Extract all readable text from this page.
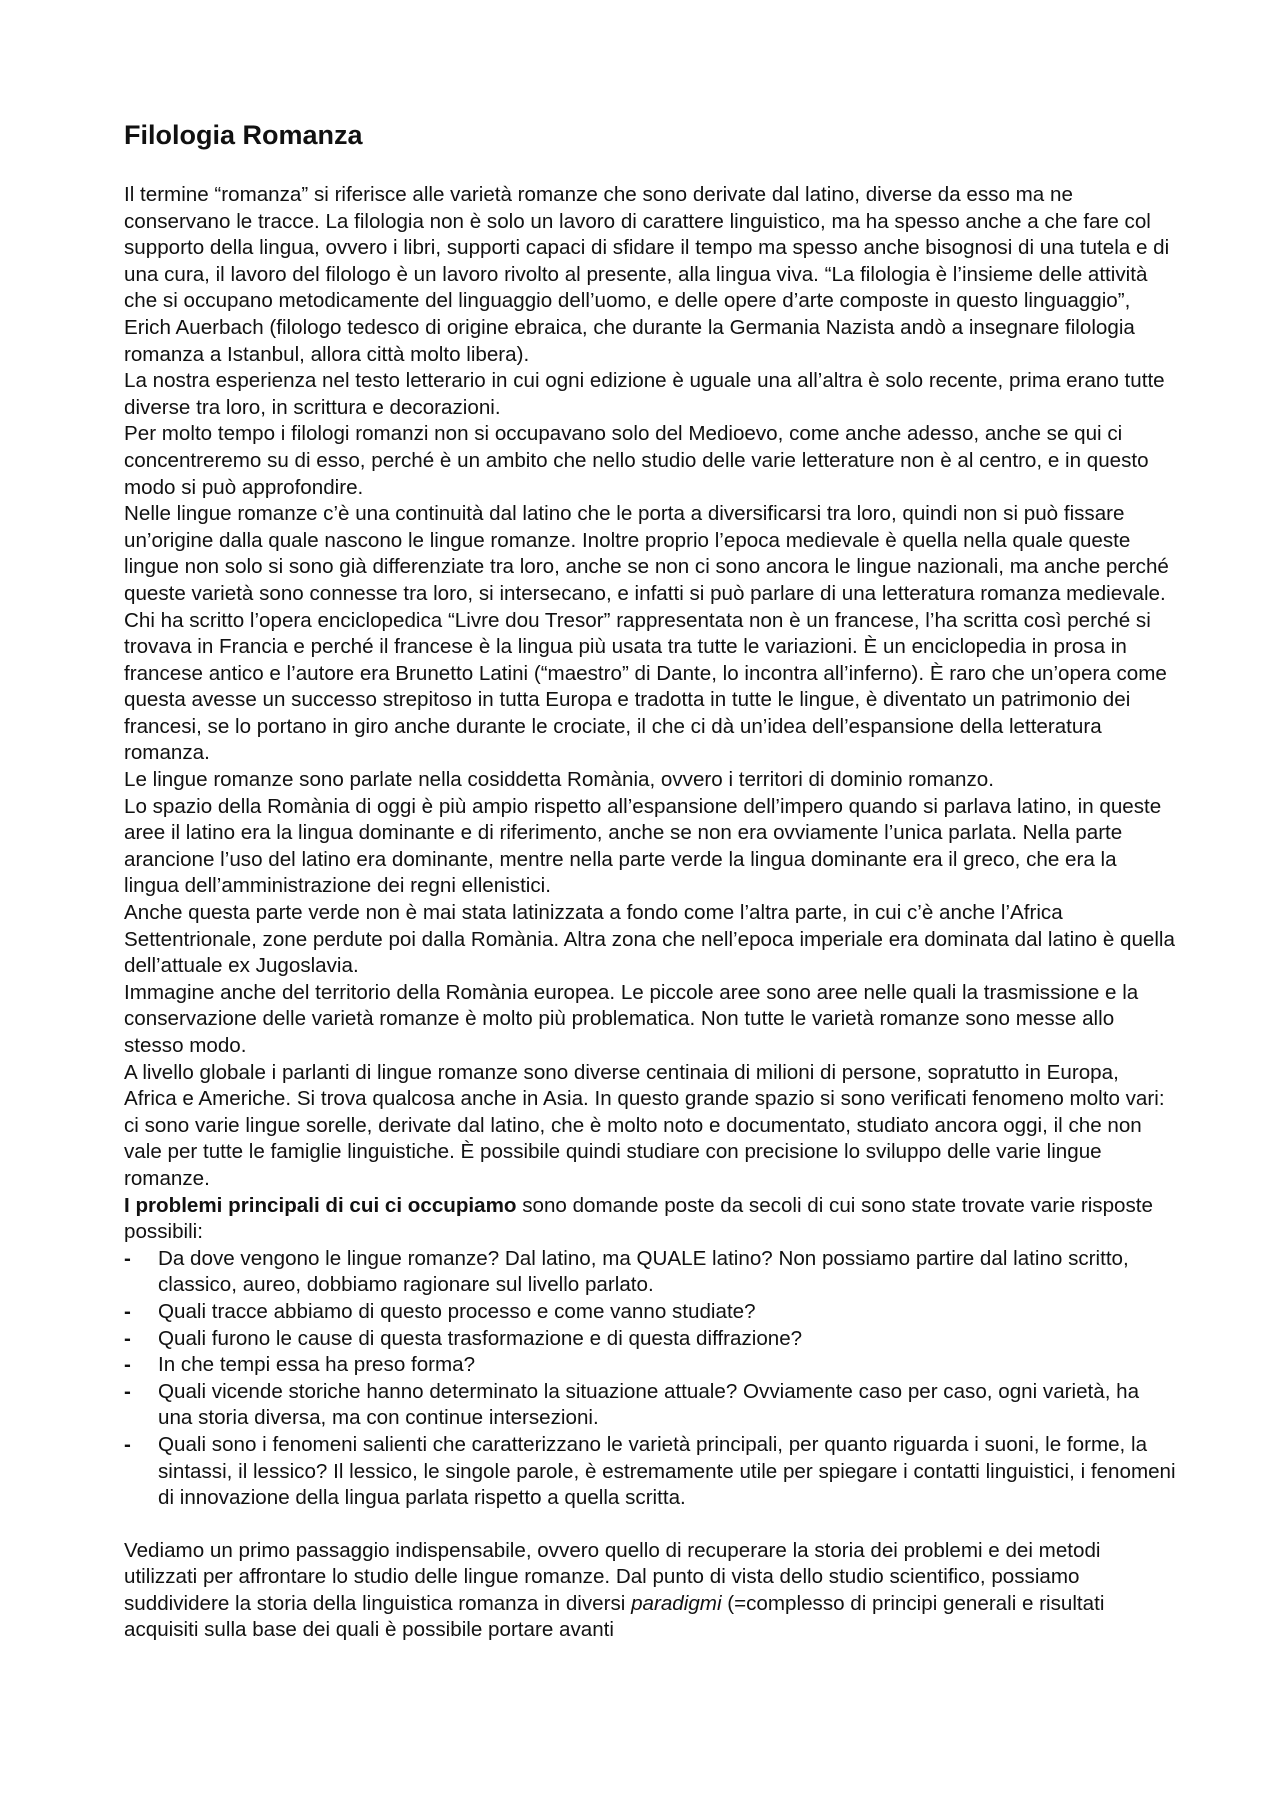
Filologia Romanza

Il termine “romanza” si riferisce alle varietà romanze che sono derivate dal latino, diverse da esso ma ne conservano le tracce. La filologia non è solo un lavoro di carattere linguistico, ma ha spesso anche a che fare col supporto della lingua, ovvero i libri, supporti capaci di sfidare il tempo ma spesso anche bisognosi di una tutela e di una cura, il lavoro del filologo è un lavoro rivolto al presente, alla lingua viva. “La filologia è l’insieme delle attività che si occupano metodicamente del linguaggio dell’uomo, e delle opere d’arte composte in questo linguaggio”, Erich Auerbach (filologo tedesco di origine ebraica, che durante la Germania Nazista andò a insegnare filologia romanza a Istanbul, allora città molto libera).

La nostra esperienza nel testo letterario in cui ogni edizione è uguale una all’altra è solo recente, prima erano tutte diverse tra loro, in scrittura e decorazioni.

Per molto tempo i filologi romanzi non si occupavano solo del Medioevo, come anche adesso, anche se qui ci concentreremo su di esso, perché è un ambito che nello studio delle varie letterature non è al centro, e in questo modo si può approfondire.

Nelle lingue romanze c’è una continuità dal latino che le porta a diversificarsi tra loro, quindi non si può fissare un’origine dalla quale nascono le lingue romanze. Inoltre proprio l’epoca medievale è quella nella quale queste lingue non solo si sono già differenziate tra loro, anche se non ci sono ancora le lingue nazionali, ma anche perché queste varietà sono connesse tra loro, si intersecano, e infatti si può parlare di una letteratura romanza medievale.

Chi ha scritto l’opera enciclopedica “Livre dou Tresor” rappresentata non è un francese, l’ha scritta così perché si trovava in Francia e perché il francese è la lingua più usata tra tutte le variazioni. È un enciclopedia in prosa in francese antico e l’autore era Brunetto Latini (“maestro” di Dante, lo incontra all’inferno). È raro che un’opera come questa avesse un successo strepitoso in tutta Europa e tradotta in tutte le lingue, è diventato un patrimonio dei francesi, se lo portano in giro anche durante le crociate, il che ci dà un’idea dell’espansione della letteratura romanza.

Le lingue romanze sono parlate nella cosiddetta Romània, ovvero i territori di dominio romanzo.

Lo spazio della Romània di oggi è più ampio rispetto all’espansione dell’impero quando si parlava latino, in queste aree il latino era la lingua dominante e di riferimento, anche se non era ovviamente l’unica parlata. Nella parte arancione l’uso del latino era dominante, mentre nella parte verde la lingua dominante era il greco, che era la lingua dell’amministrazione dei regni ellenistici.

Anche questa parte verde non è mai stata latinizzata a fondo come l’altra parte, in cui c’è anche l’Africa Settentrionale, zone perdute poi dalla Romània. Altra zona che nell’epoca imperiale era dominata dal latino è quella dell’attuale ex Jugoslavia.

Immagine anche del territorio della Romània europea. Le piccole aree sono aree nelle quali la trasmissione e la conservazione delle varietà romanze è molto più problematica. Non tutte le varietà romanze sono messe allo stesso modo.

A livello globale i parlanti di lingue romanze sono diverse centinaia di milioni di persone, sopratutto in Europa, Africa e Americhe. Si trova qualcosa anche in Asia. In questo grande spazio si sono verificati fenomeno molto vari: ci sono varie lingue sorelle, derivate dal latino, che è molto noto e documentato, studiato ancora oggi, il che non vale per tutte le famiglie linguistiche. È possibile quindi studiare con precisione lo sviluppo delle varie lingue romanze.

I problemi principali di cui ci occupiamo sono domande poste da secoli di cui sono state trovate varie risposte possibili:

- Da dove vengono le lingue romanze? Dal latino, ma QUALE latino? Non possiamo partire dal latino scritto, classico, aureo, dobbiamo ragionare sul livello parlato.
- Quali tracce abbiamo di questo processo e come vanno studiate?
- Quali furono le cause di questa trasformazione e di questa diffrazione?
- In che tempi essa ha preso forma?
- Quali vicende storiche hanno determinato la situazione attuale? Ovviamente caso per caso, ogni varietà, ha una storia diversa, ma con continue intersezioni.
- Quali sono i fenomeni salienti che caratterizzano le varietà principali, per quanto riguarda i suoni, le forme, la sintassi, il lessico? Il lessico, le singole parole, è estremamente utile per spiegare i contatti linguistici, i fenomeni di innovazione della lingua parlata rispetto a quella scritta.

Vediamo un primo passaggio indispensabile, ovvero quello di recuperare la storia dei problemi e dei metodi utilizzati per affrontare lo studio delle lingue romanze. Dal punto di vista dello studio scientifico, possiamo suddividere la storia della linguistica romanza in diversi paradigmi (=complesso di principi generali e risultati acquisiti sulla base dei quali è possibile portare avanti
